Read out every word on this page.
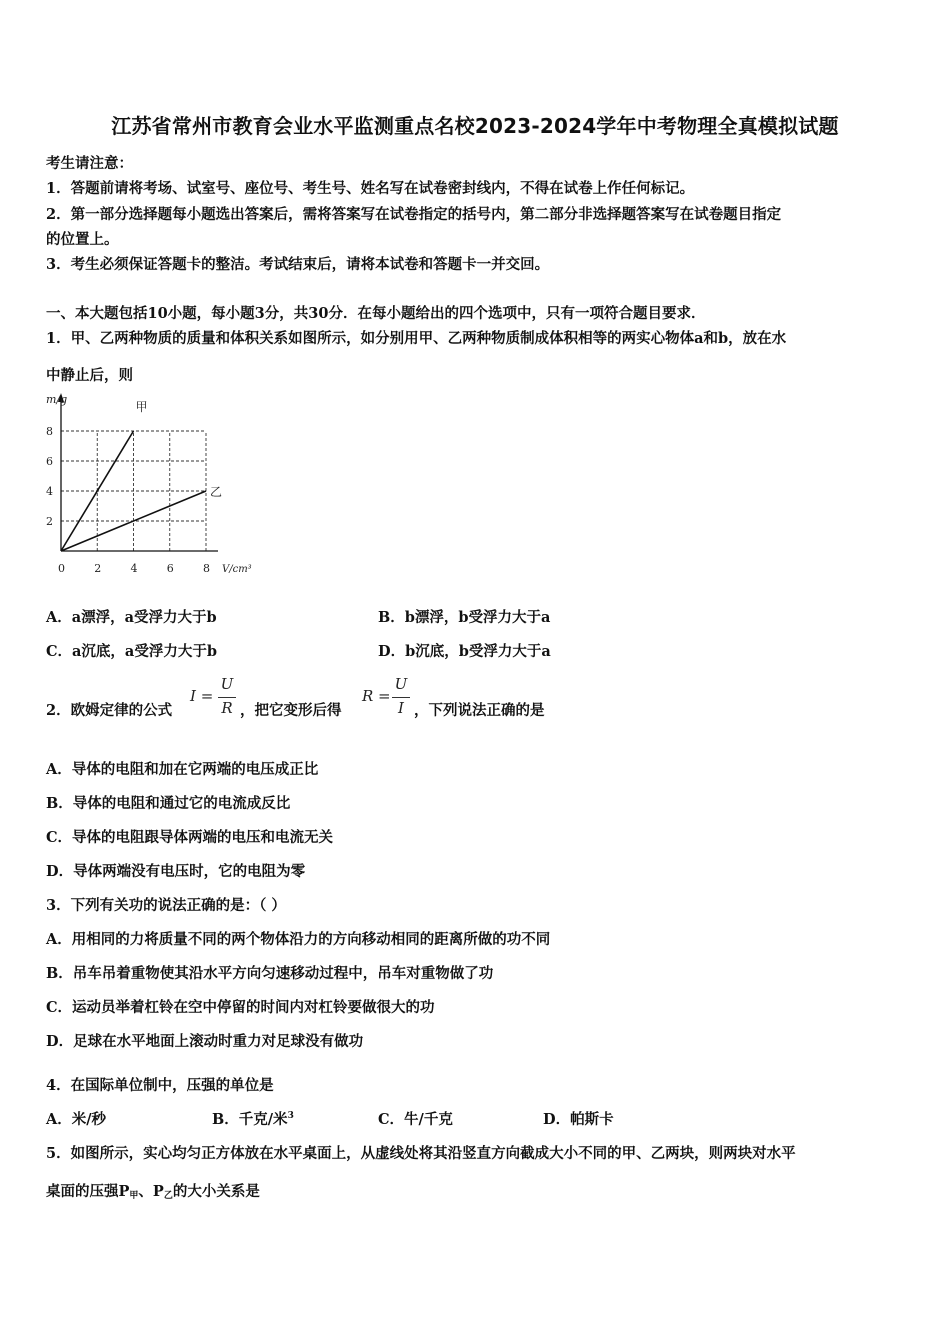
江苏省常州市教育会业水平监测重点名校2023-2024学年中考物理全真模拟试题
考生请注意：
1．答题前请将考场、试室号、座位号、考生号、姓名写在试卷密封线内，不得在试卷上作任何标记。
2．第一部分选择题每小题选出答案后，需将答案写在试卷指定的括号内，第二部分非选择题答案写在试卷题目指定
的位置上。
3．考生必须保证答题卡的整洁。考试结束后，请将本试卷和答题卡一并交回。
一、本大题包括10小题，每小题3分，共30分．在每小题给出的四个选项中，只有一项符合题目要求．
1．甲、乙两种物质的质量和体积关系如图所示，如分别用甲、乙两种物质制成体积相等的两实心物体a和b，放在水
中静止后，则
甲
乙
2
4
6
8
0	2	4	6	8
m/g
V/cm³
A．a漂浮，a受浮力大于b	B．b漂浮，b受浮力大于a
C．a沉底，a受浮力大于b	D．b沉底，b受浮力大于a
2．欧姆定律的公式
I =
U
R ，把它变形后得
R =
U
I ，下列说法正确的是
A．导体的电阻和加在它两端的电压成正比
B．导体的电阻和通过它的电流成反比
C．导体的电阻跟导体两端的电压和电流无关
D．导体两端没有电压时，它的电阻为零
3．下列有关功的说法正确的是：（ ）
A．用相同的力将质量不同的两个物体沿力的方向移动相同的距离所做的功不同
B．吊车吊着重物使其沿水平方向匀速移动过程中，吊车对重物做了功
C．运动员举着杠铃在空中停留的时间内对杠铃要做很大的功
D．足球在水平地面上滚动时重力对足球没有做功
4．在国际单位制中，压强的单位是
A．米/秒	B．千克/米$^3$	C．牛/千克	D．帕斯卡
5．如图所示，实心均匀正方体放在水平桌面上，从虚线处将其沿竖直方向截成大小不同的甲、乙两块，则两块对水平
桌面的压强$P_甲$、$P_乙$的大小关系是
